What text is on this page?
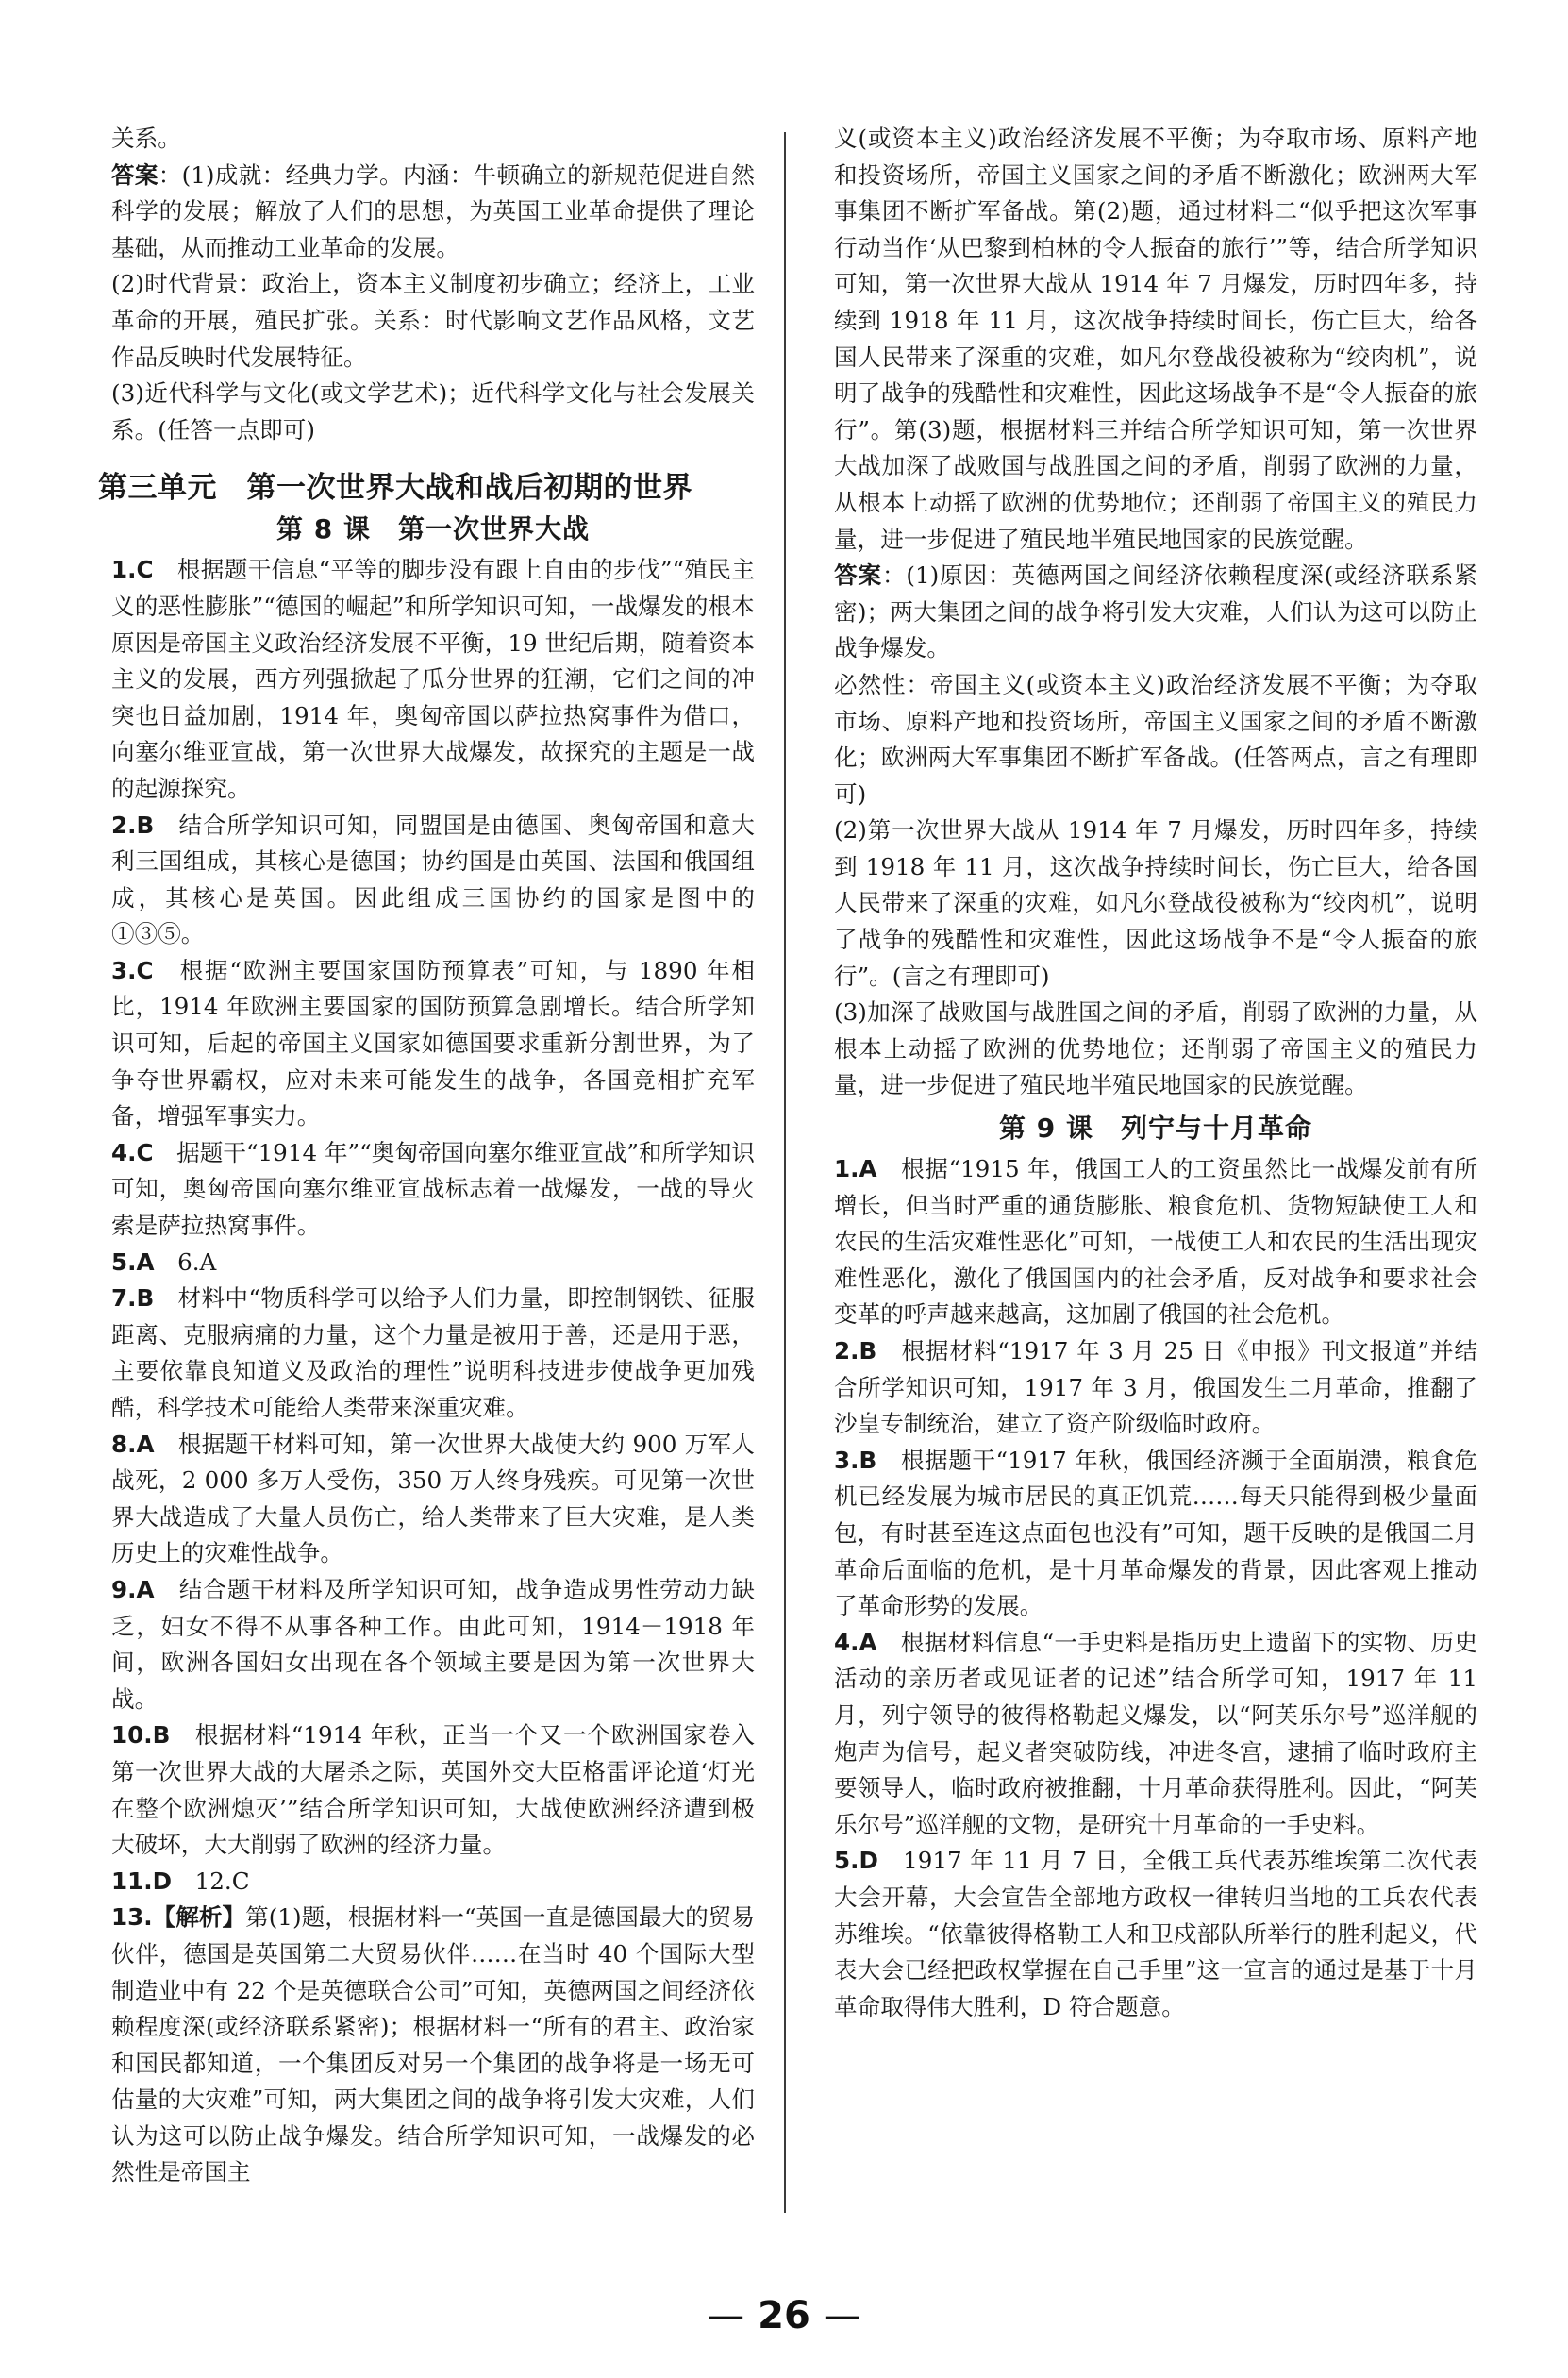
关系。

答案：(1)成就：经典力学。内涵：牛顿确立的新规范促进自然科学的发展；解放了人们的思想，为英国工业革命提供了理论基础，从而推动工业革命的发展。

(2)时代背景：政治上，资本主义制度初步确立；经济上，工业革命的开展，殖民扩张。关系：时代影响文艺作品风格，文艺作品反映时代发展特征。

(3)近代科学与文化(或文学艺术)；近代科学文化与社会发展关系。(任答一点即可)

第三单元　第一次世界大战和战后初期的世界
第 8 课　第一次世界大战

1.C　根据题干信息“平等的脚步没有跟上自由的步伐”“殖民主义的恶性膨胀”“德国的崛起”和所学知识可知，一战爆发的根本原因是帝国主义政治经济发展不平衡，19 世纪后期，随着资本主义的发展，西方列强掀起了瓜分世界的狂潮，它们之间的冲突也日益加剧，1914 年，奥匈帝国以萨拉热窝事件为借口，向塞尔维亚宣战，第一次世界大战爆发，故探究的主题是一战的起源探究。

2.B　结合所学知识可知，同盟国是由德国、奥匈帝国和意大利三国组成，其核心是德国；协约国是由英国、法国和俄国组成，其核心是英国。因此组成三国协约的国家是图中的①③⑤。

3.C　根据“欧洲主要国家国防预算表”可知，与 1890 年相比，1914 年欧洲主要国家的国防预算急剧增长。结合所学知识可知，后起的帝国主义国家如德国要求重新分割世界，为了争夺世界霸权，应对未来可能发生的战争，各国竞相扩充军备，增强军事实力。

4.C　据题干“1914 年”“奥匈帝国向塞尔维亚宣战”和所学知识可知，奥匈帝国向塞尔维亚宣战标志着一战爆发，一战的导火索是萨拉热窝事件。

5.A　6.A

7.B　材料中“物质科学可以给予人们力量，即控制钢铁、征服距离、克服病痛的力量，这个力量是被用于善，还是用于恶，主要依靠良知道义及政治的理性”说明科技进步使战争更加残酷，科学技术可能给人类带来深重灾难。

8.A　根据题干材料可知，第一次世界大战使大约 900 万军人战死，2 000 多万人受伤，350 万人终身残疾。可见第一次世界大战造成了大量人员伤亡，给人类带来了巨大灾难，是人类历史上的灾难性战争。

9.A　结合题干材料及所学知识可知，战争造成男性劳动力缺乏，妇女不得不从事各种工作。由此可知，1914－1918 年间，欧洲各国妇女出现在各个领域主要是因为第一次世界大战。

10.B　根据材料“1914 年秋，正当一个又一个欧洲国家卷入第一次世界大战的大屠杀之际，英国外交大臣格雷评论道‘灯光在整个欧洲熄灭’”结合所学知识可知，大战使欧洲经济遭到极大破坏，大大削弱了欧洲的经济力量。

11.D　12.C

13.【解析】第(1)题，根据材料一“英国一直是德国最大的贸易伙伴，德国是英国第二大贸易伙伴……在当时 40 个国际大型制造业中有 22 个是英德联合公司”可知，英德两国之间经济依赖程度深(或经济联系紧密)；根据材料一“所有的君主、政治家和国民都知道，一个集团反对另一个集团的战争将是一场无可估量的大灾难”可知，两大集团之间的战争将引发大灾难，人们认为这可以防止战争爆发。结合所学知识可知，一战爆发的必然性是帝国主

义(或资本主义)政治经济发展不平衡；为夺取市场、原料产地和投资场所，帝国主义国家之间的矛盾不断激化；欧洲两大军事集团不断扩军备战。第(2)题，通过材料二“似乎把这次军事行动当作‘从巴黎到柏林的令人振奋的旅行’”等，结合所学知识可知，第一次世界大战从 1914 年 7 月爆发，历时四年多，持续到 1918 年 11 月，这次战争持续时间长，伤亡巨大，给各国人民带来了深重的灾难，如凡尔登战役被称为“绞肉机”，说明了战争的残酷性和灾难性，因此这场战争不是“令人振奋的旅行”。第(3)题，根据材料三并结合所学知识可知，第一次世界大战加深了战败国与战胜国之间的矛盾，削弱了欧洲的力量，从根本上动摇了欧洲的优势地位；还削弱了帝国主义的殖民力量，进一步促进了殖民地半殖民地国家的民族觉醒。

答案：(1)原因：英德两国之间经济依赖程度深(或经济联系紧密)；两大集团之间的战争将引发大灾难，人们认为这可以防止战争爆发。

必然性：帝国主义(或资本主义)政治经济发展不平衡；为夺取市场、原料产地和投资场所，帝国主义国家之间的矛盾不断激化；欧洲两大军事集团不断扩军备战。(任答两点，言之有理即可)

(2)第一次世界大战从 1914 年 7 月爆发，历时四年多，持续到 1918 年 11 月，这次战争持续时间长，伤亡巨大，给各国人民带来了深重的灾难，如凡尔登战役被称为“绞肉机”，说明了战争的残酷性和灾难性，因此这场战争不是“令人振奋的旅行”。(言之有理即可)

(3)加深了战败国与战胜国之间的矛盾，削弱了欧洲的力量，从根本上动摇了欧洲的优势地位；还削弱了帝国主义的殖民力量，进一步促进了殖民地半殖民地国家的民族觉醒。

第 9 课　列宁与十月革命

1.A　根据“1915 年，俄国工人的工资虽然比一战爆发前有所增长，但当时严重的通货膨胀、粮食危机、货物短缺使工人和农民的生活灾难性恶化”可知，一战使工人和农民的生活出现灾难性恶化，激化了俄国国内的社会矛盾，反对战争和要求社会变革的呼声越来越高，这加剧了俄国的社会危机。

2.B　根据材料“1917 年 3 月 25 日《申报》刊文报道”并结合所学知识可知，1917 年 3 月，俄国发生二月革命，推翻了沙皇专制统治，建立了资产阶级临时政府。

3.B　根据题干“1917 年秋，俄国经济濒于全面崩溃，粮食危机已经发展为城市居民的真正饥荒……每天只能得到极少量面包，有时甚至连这点面包也没有”可知，题干反映的是俄国二月革命后面临的危机，是十月革命爆发的背景，因此客观上推动了革命形势的发展。

4.A　根据材料信息“一手史料是指历史上遗留下的实物、历史活动的亲历者或见证者的记述”结合所学可知，1917 年 11 月，列宁领导的彼得格勒起义爆发，以“阿芙乐尔号”巡洋舰的炮声为信号，起义者突破防线，冲进冬宫，逮捕了临时政府主要领导人，临时政府被推翻，十月革命获得胜利。因此，“阿芙乐尔号”巡洋舰的文物，是研究十月革命的一手史料。

5.D　1917 年 11 月 7 日，全俄工兵代表苏维埃第二次代表大会开幕，大会宣告全部地方政权一律转归当地的工兵农代表苏维埃。“依靠彼得格勒工人和卫戍部队所举行的胜利起义，代表大会已经把政权掌握在自己手里”这一宣言的通过是基于十月革命取得伟大胜利，D 符合题意。

— 26 —
